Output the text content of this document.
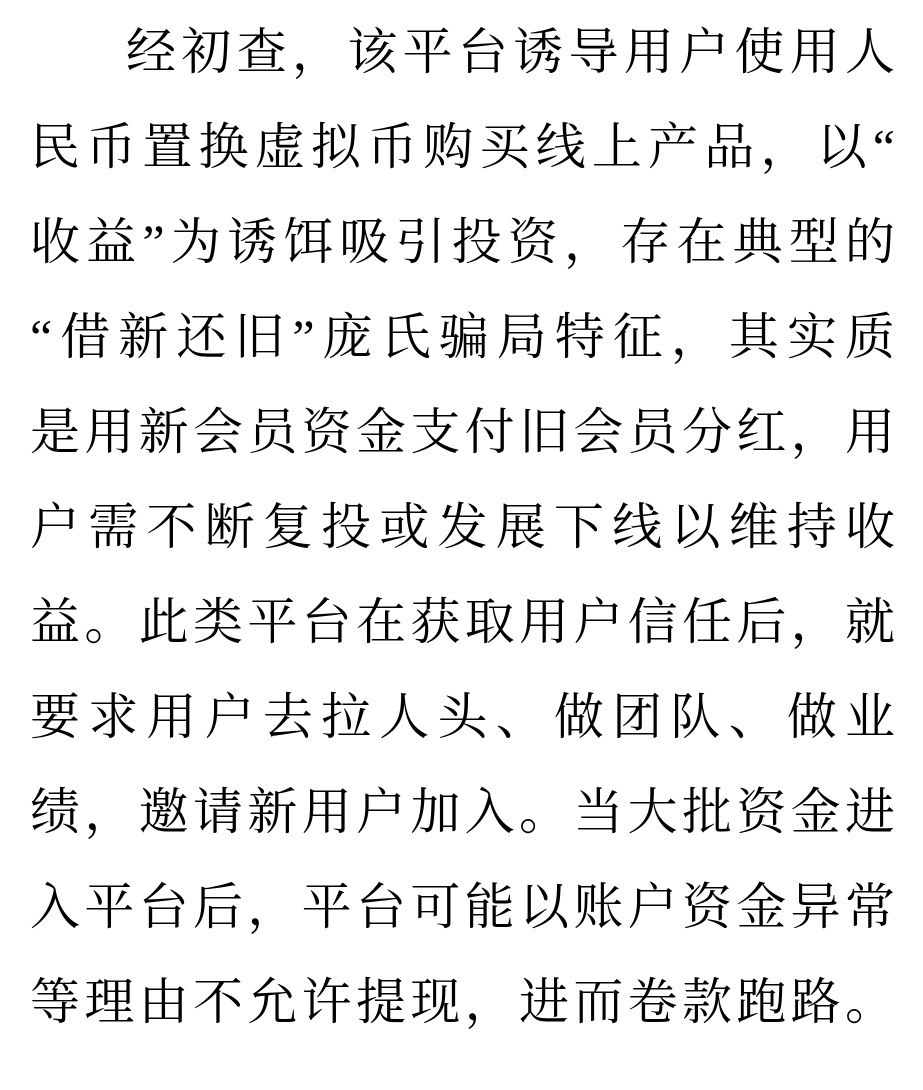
经初查，该平台诱导用户使用人
民币置换虚拟币购买线上产品，以“
收益”为诱饵吸引投资，存在典型的
“借新还旧”庞氏骗局特征，其实质
是用新会员资金支付旧会员分红，用
户需不断复投或发展下线以维持收
益。此类平台在获取用户信任后，就
要求用户去拉人头、做团队、做业
绩，邀请新用户加入。当大批资金进
入平台后，平台可能以账户资金异常
等理由不允许提现，进而卷款跑路。
